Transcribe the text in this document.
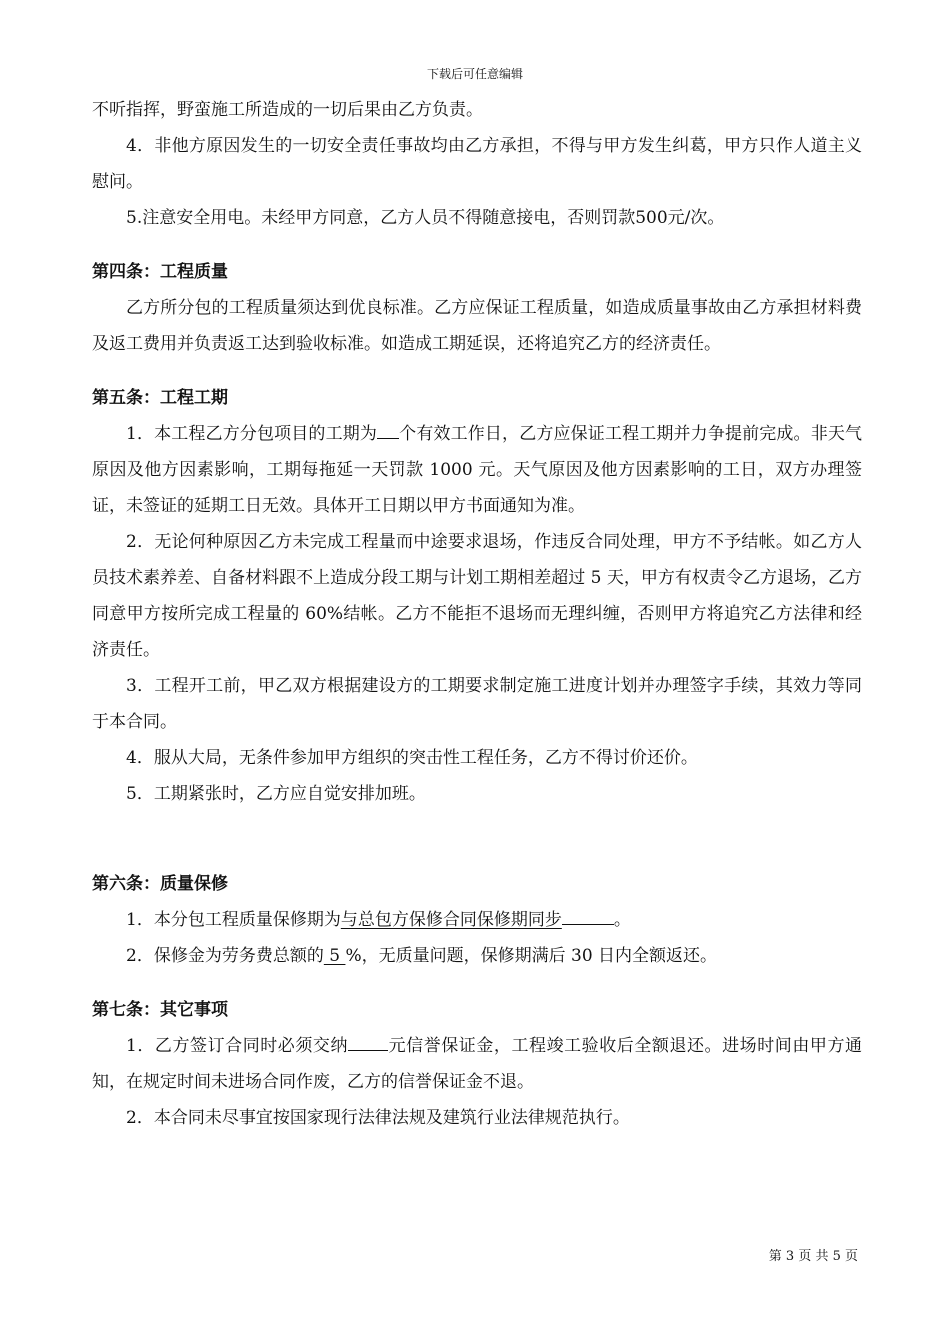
下载后可任意编辑

不听指挥，野蛮施工所造成的一切后果由乙方负责。

4．非他方原因发生的一切安全责任事故均由乙方承担，不得与甲方发生纠葛，甲方只作人道主义慰问。

5.注意安全用电。未经甲方同意，乙方人员不得随意接电，否则罚款500元/次。

第四条：工程质量

乙方所分包的工程质量须达到优良标准。乙方应保证工程质量，如造成质量事故由乙方承担材料费及返工费用并负责返工达到验收标准。如造成工期延误，还将追究乙方的经济责任。

第五条：工程工期

1．本工程乙方分包项目的工期为 个有效工作日，乙方应保证工程工期并力争提前完成。非天气原因及他方因素影响，工期每拖延一天罚款 1000 元。天气原因及他方因素影响的工日，双方办理签证，未签证的延期工日无效。具体开工日期以甲方书面通知为准。

2．无论何种原因乙方未完成工程量而中途要求退场，作违反合同处理，甲方不予结帐。如乙方人员技术素养差、自备材料跟不上造成分段工期与计划工期相差超过 5 天，甲方有权责令乙方退场，乙方同意甲方按所完成工程量的 60%结帐。乙方不能拒不退场而无理纠缠，否则甲方将追究乙方法律和经济责任。

3．工程开工前，甲乙双方根据建设方的工期要求制定施工进度计划并办理签字手续，其效力等同于本合同。

4．服从大局，无条件参加甲方组织的突击性工程任务，乙方不得讨价还价。

5．工期紧张时，乙方应自觉安排加班。

第六条：质量保修

1．本分包工程质量保修期为与总包方保修合同保修期同步	。

2．保修金为劳务费总额的 5 %，无质量问题，保修期满后 30 日内全额返还。

第七条：其它事项

1．乙方签订合同时必须交纳 元信誉保证金，工程竣工验收后全额退还。进场时间由甲方通知，在规定时间未进场合同作废，乙方的信誉保证金不退。

2．本合同未尽事宜按国家现行法律法规及建筑行业法律规范执行。

第 3 页 共 5 页
